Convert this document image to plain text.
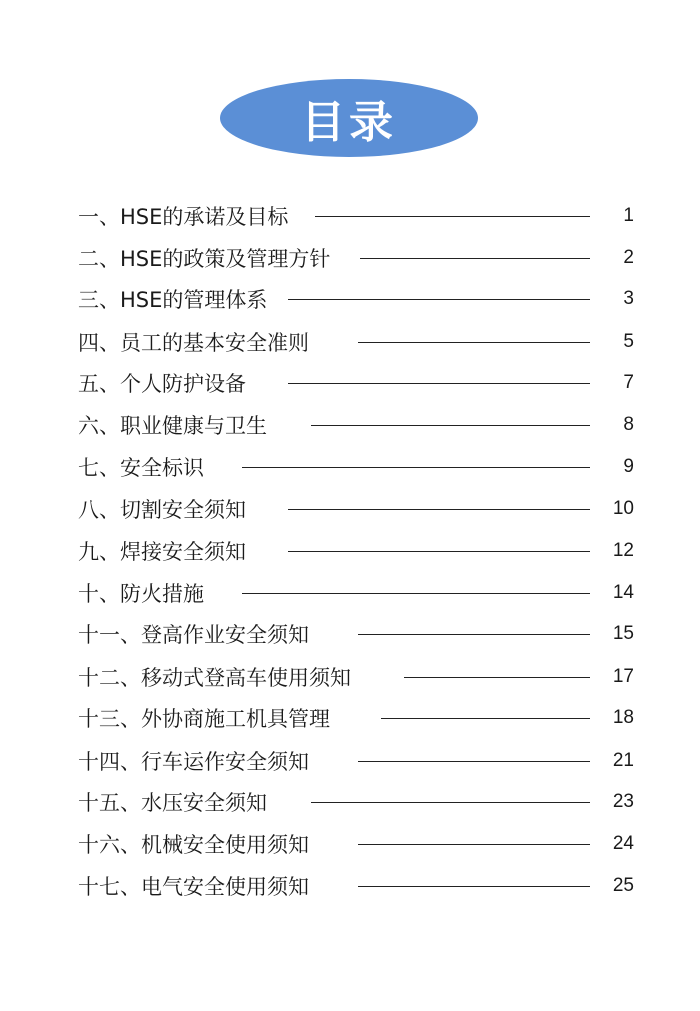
目录
一、HSE的承诺及目标	1
二、HSE的政策及管理方针	2
三、HSE的管理体系	3
四、员工的基本安全准则	5
五、个人防护设备	7
六、职业健康与卫生	8
七、安全标识	9
八、切割安全须知	10
九、焊接安全须知	12
十、防火措施	14
十一、登高作业安全须知	15
十二、移动式登高车使用须知	17
十三、外协商施工机具管理	18
十四、行车运作安全须知	21
十五、水压安全须知	23
十六、机械安全使用须知	24
十七、电气安全使用须知	25
